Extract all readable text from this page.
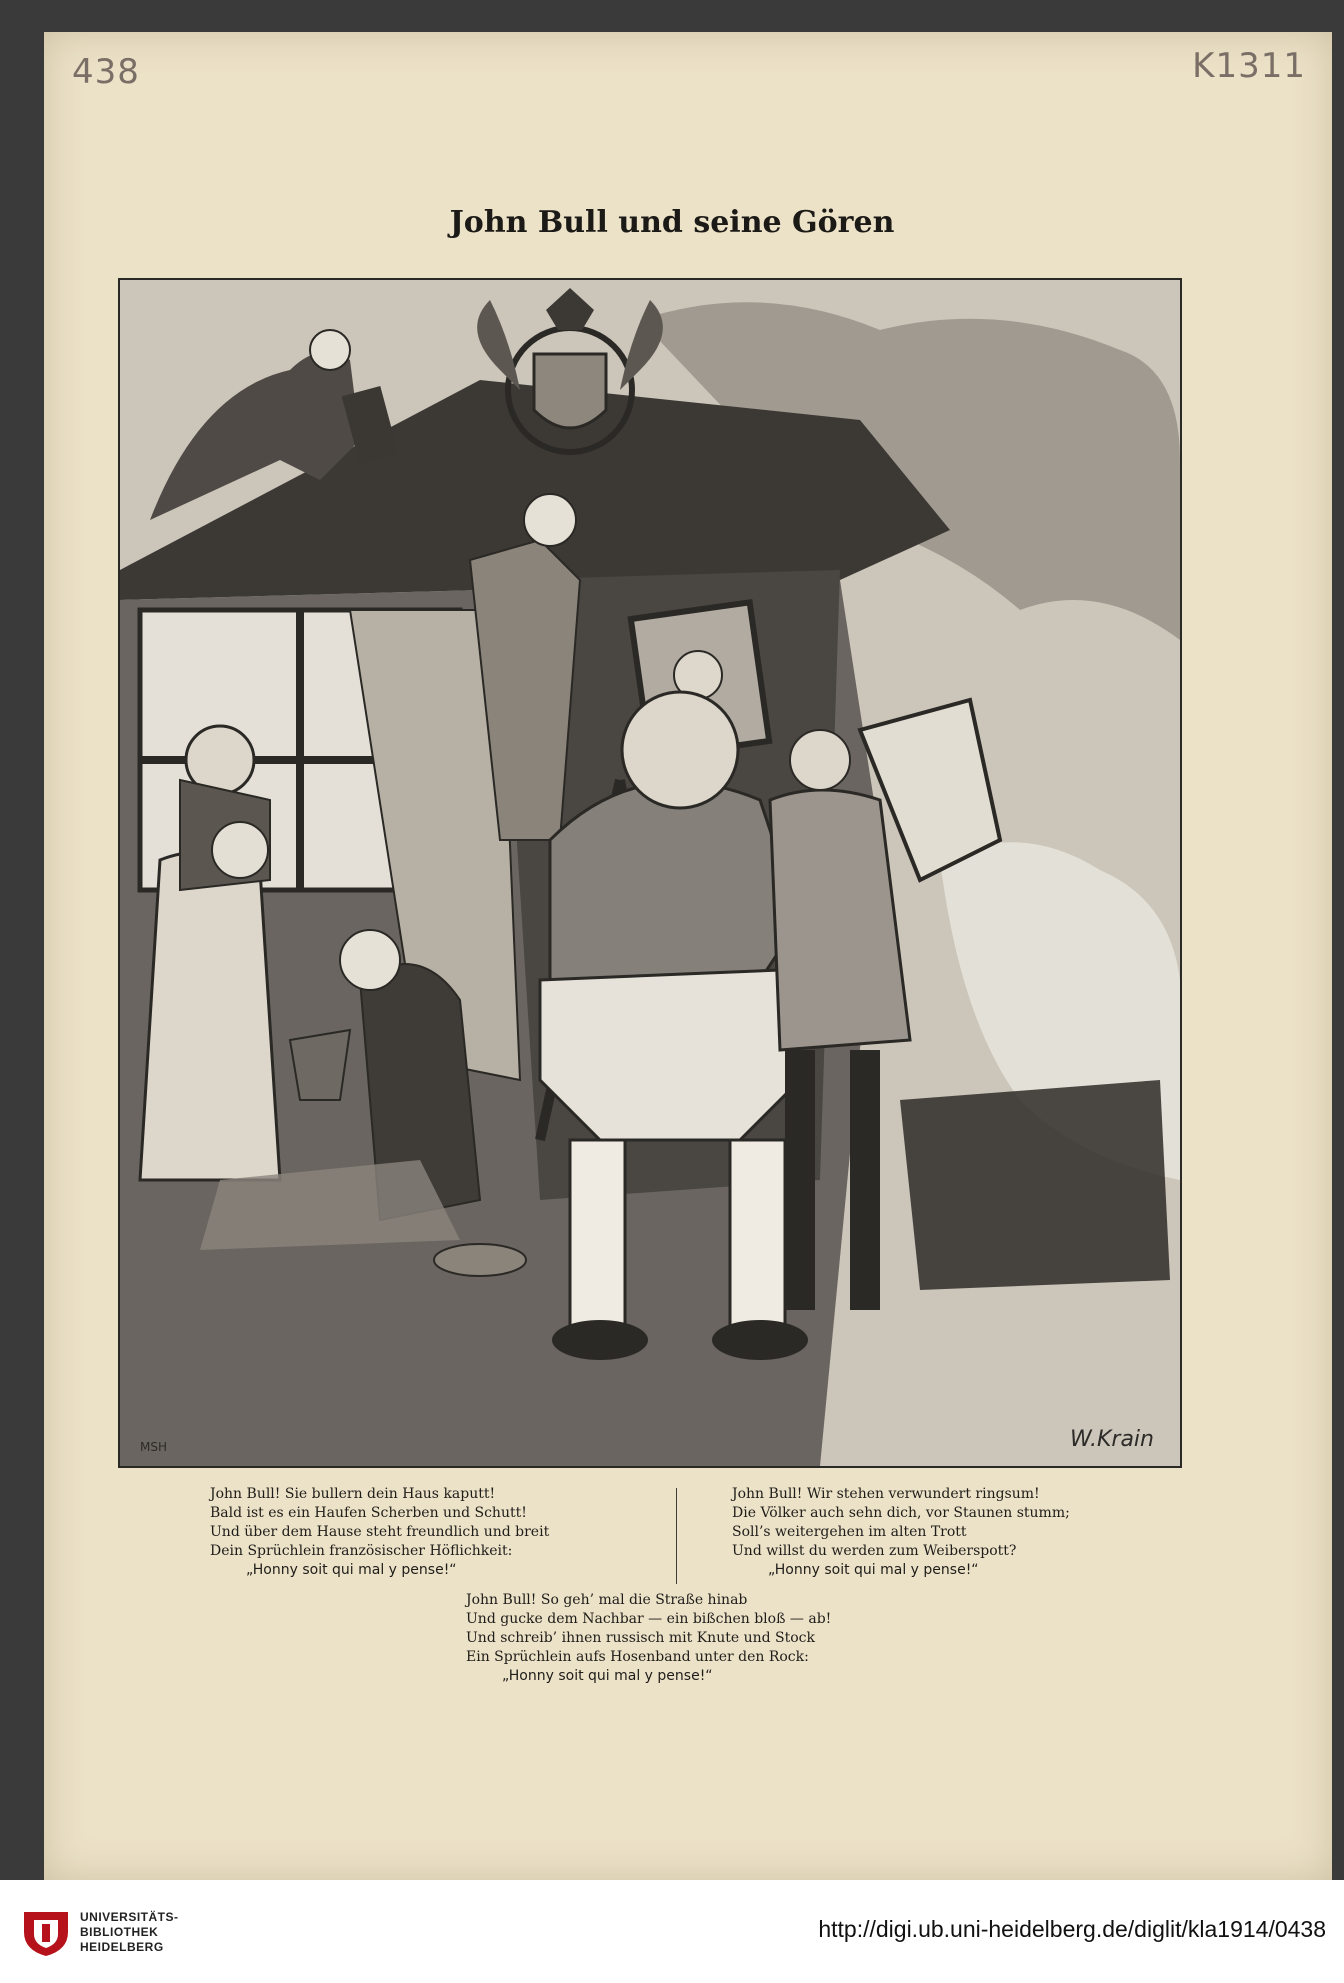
438	K1311
John Bull und seine Gören
MSH	W.Krain
John Bull! Sie bullern dein Haus kaputt!
Bald ist es ein Haufen Scherben und Schutt!
Und über dem Hause steht freundlich und breit
Dein Sprüchlein französischer Höflichkeit:
„Honny soit qui mal y pense!“
John Bull! Wir stehen verwundert ringsum!
Die Völker auch sehn dich, vor Staunen stumm;
Soll’s weitergehen im alten Trott
Und willst du werden zum Weiberspott?
„Honny soit qui mal y pense!“
John Bull! So geh’ mal die Straße hinab
Und gucke dem Nachbar — ein bißchen bloß — ab!
Und schreib’ ihnen russisch mit Knute und Stock
Ein Sprüchlein aufs Hosenband unter den Rock:
„Honny soit qui mal y pense!“
UNIVERSITÄTS-
BIBLIOTHEK
HEIDELBERG
http://digi.ub.uni-heidelberg.de/diglit/kla1914/0438
